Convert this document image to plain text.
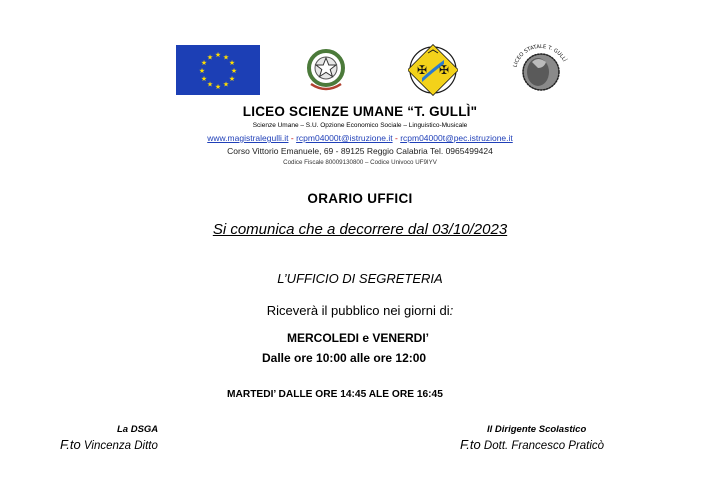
★ ★
★
★
★
★
★
★
★
★
★
★
✠ ✠	LICEO STATALE T. GULLÌ
LICEO SCIENZE UMANE “T. GULLÌ"
Scienze Umane – S.U. Opzione Economico Sociale – Linguistico-Musicale
www.magistralegulli.it - rcpm04000t@istruzione.it - rcpm04000t@pec.istruzione.it
Corso Vittorio Emanuele, 69 - 89125 Reggio Calabria Tel. 0965499424
Codice Fiscale 80009130800 – Codice Univoco UF9IYV
ORARIO UFFICI
Si comunica che a decorrere dal 03/10/2023
L’UFFICIO DI SEGRETERIA
Riceverà il pubblico nei giorni di:
MERCOLEDI e VENERDI’
Dalle ore 10:00 alle ore 12:00
MARTEDI’ DALLE ORE 14:45 ALE ORE 16:45
La DSGA
F.to Vincenza Ditto
Il Dirigente Scolastico
F.to Dott. Francesco Praticò
